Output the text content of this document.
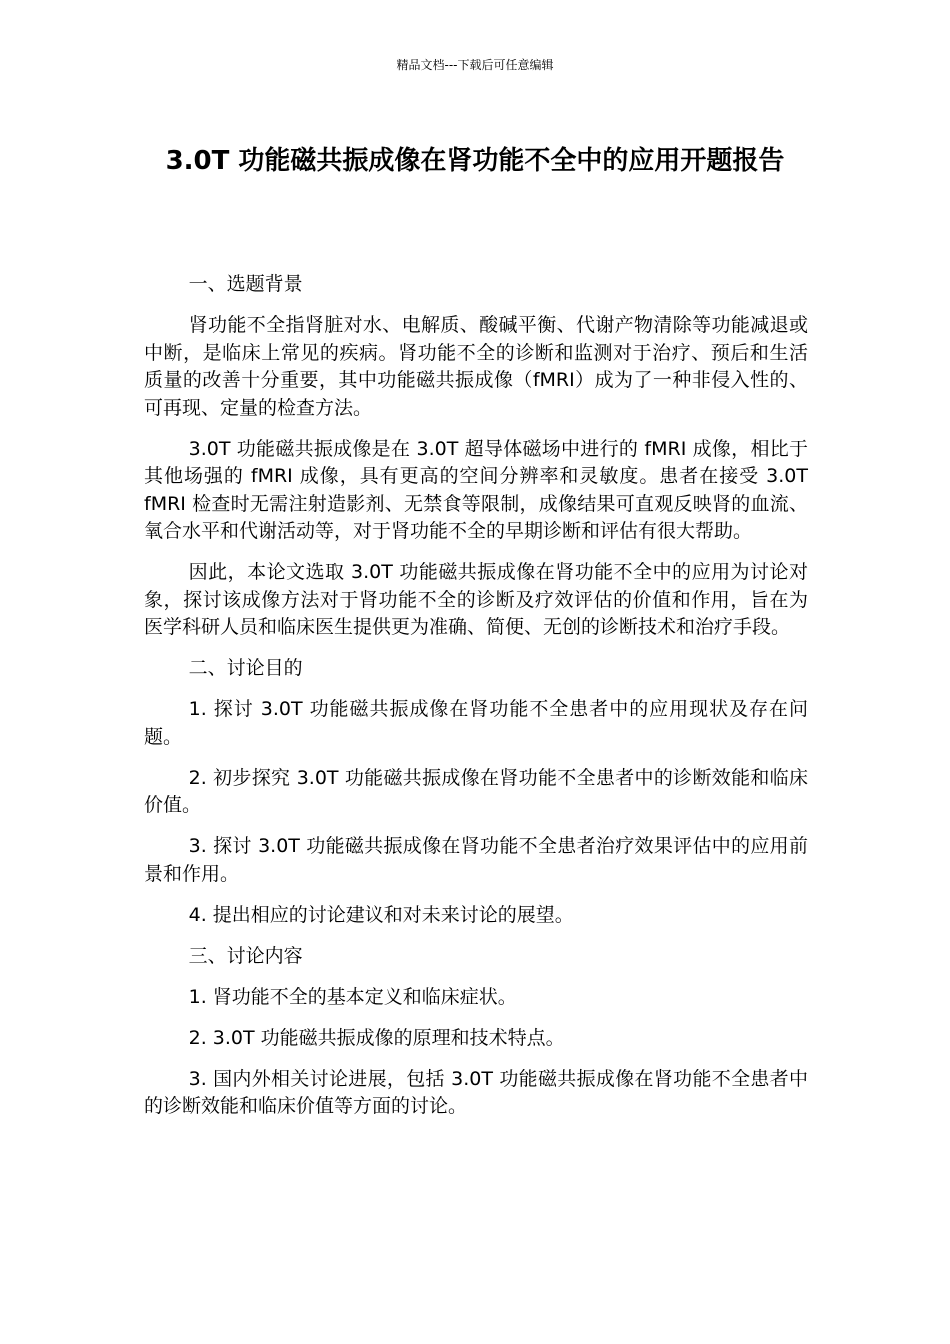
精品文档---下载后可任意编辑
3.0T 功能磁共振成像在肾功能不全中的应用开题报告

一、选题背景

肾功能不全指肾脏对水、电解质、酸碱平衡、代谢产物清除等功能减退或中断，是临床上常见的疾病。肾功能不全的诊断和监测对于治疗、预后和生活质量的改善十分重要，其中功能磁共振成像（fMRI）成为了一种非侵入性的、可再现、定量的检查方法。

3.0T 功能磁共振成像是在 3.0T 超导体磁场中进行的 fMRI 成像，相比于其他场强的 fMRI 成像，具有更高的空间分辨率和灵敏度。患者在接受 3.0T fMRI 检查时无需注射造影剂、无禁食等限制，成像结果可直观反映肾的血流、氧合水平和代谢活动等，对于肾功能不全的早期诊断和评估有很大帮助。

因此，本论文选取 3.0T 功能磁共振成像在肾功能不全中的应用为讨论对象，探讨该成像方法对于肾功能不全的诊断及疗效评估的价值和作用，旨在为医学科研人员和临床医生提供更为准确、简便、无创的诊断技术和治疗手段。

二、讨论目的

1. 探讨 3.0T 功能磁共振成像在肾功能不全患者中的应用现状及存在问题。

2. 初步探究 3.0T 功能磁共振成像在肾功能不全患者中的诊断效能和临床价值。

3. 探讨 3.0T 功能磁共振成像在肾功能不全患者治疗效果评估中的应用前景和作用。

4. 提出相应的讨论建议和对未来讨论的展望。

三、讨论内容

1. 肾功能不全的基本定义和临床症状。

2. 3.0T 功能磁共振成像的原理和技术特点。

3. 国内外相关讨论进展，包括 3.0T 功能磁共振成像在肾功能不全患者中的诊断效能和临床价值等方面的讨论。
